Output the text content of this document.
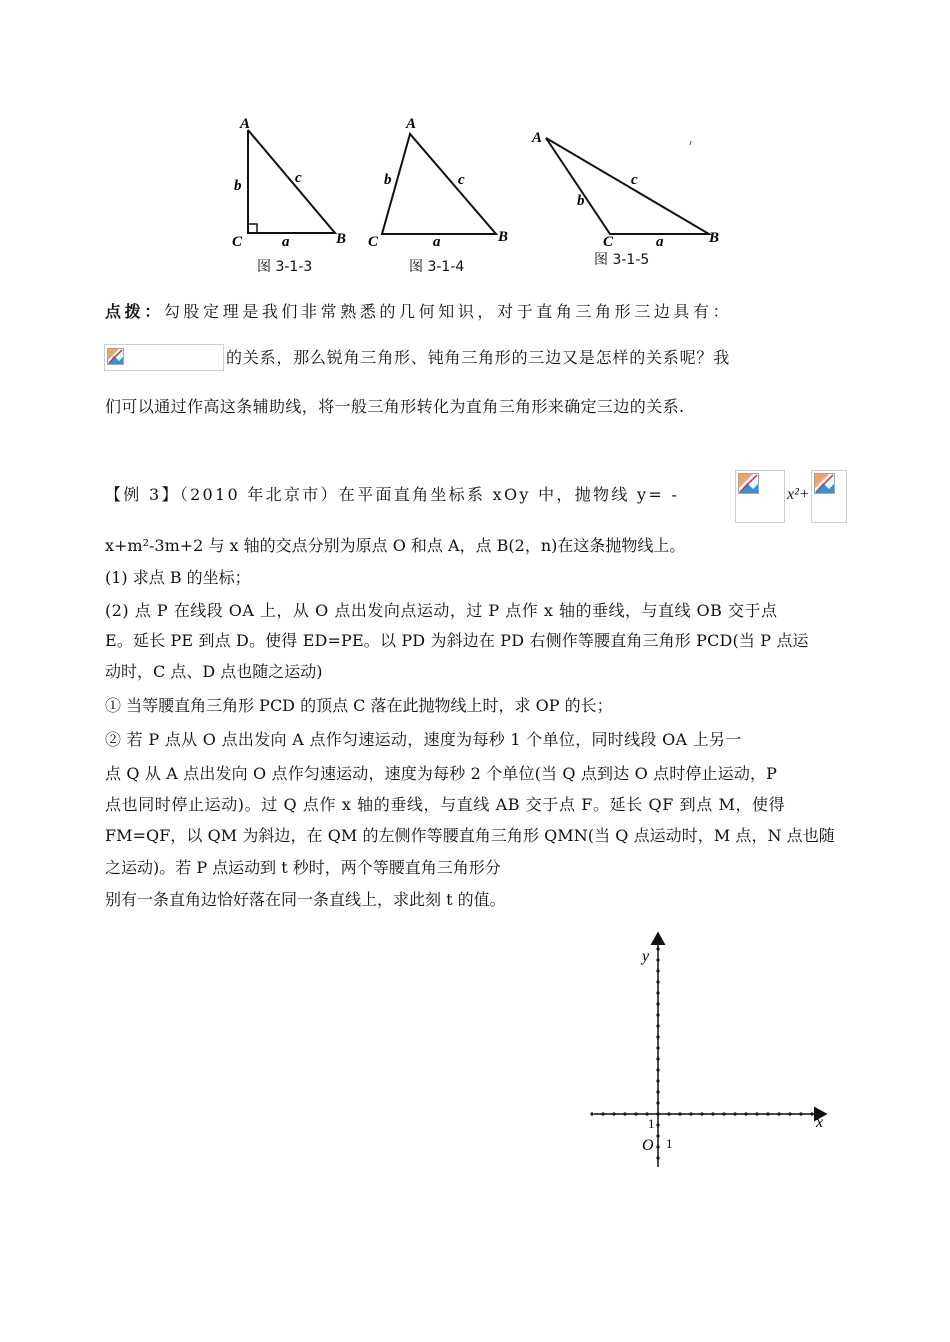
A
b	c
C	a	B
A
b	c
C	a	B
A
b
c
C	a	B
图 3-1-3	图 3-1-4	图 3-1-5
点拨：勾股定理是我们非常熟悉的几何知识，对于直角三角形三边具有：
的关系，那么锐角三角形、钝角三角形的三边又是怎样的关系呢？我
们可以通过作高这条辅助线，将一般三角形转化为直角三角形来确定三边的关系.
【例 3】（2010 年北京市）在平面直角坐标系 xOy 中，抛物线 y= -	x²+
x+m²-3m+2 与 x 轴的交点分别为原点 O 和点 A，点 B(2，n)在这条抛物线上。
(1) 求点 B 的坐标；
(2) 点 P 在线段 OA 上，从 O 点出发向点运动，过 P 点作 x 轴的垂线，与直线 OB 交于点
E。延长 PE 到点 D。使得 ED=PE。以 PD 为斜边在 PD 右侧作等腰直角三角形 PCD(当 P 点运
动时，C 点、D 点也随之运动)
① 当等腰直角三角形 PCD 的顶点 C 落在此抛物线上时，求 OP 的长；
② 若 P 点从 O 点出发向 A 点作匀速运动，速度为每秒 1 个单位，同时线段 OA 上另一
点 Q 从 A 点出发向 O 点作匀速运动，速度为每秒 2 个单位(当 Q 点到达 O 点时停止运动，P
点也同时停止运动)。过 Q 点作 x 轴的垂线，与直线 AB 交于点 F。延长 QF 到点 M，使得
FM=QF，以 QM 为斜边，在 QM 的左侧作等腰直角三角形 QMN(当 Q 点运动时，M 点，N 点也随
之运动)。若 P 点运动到 t 秒时，两个等腰直角三角形分
别有一条直角边恰好落在同一条直线上，求此刻 t 的值。
x
y
O
1
1
